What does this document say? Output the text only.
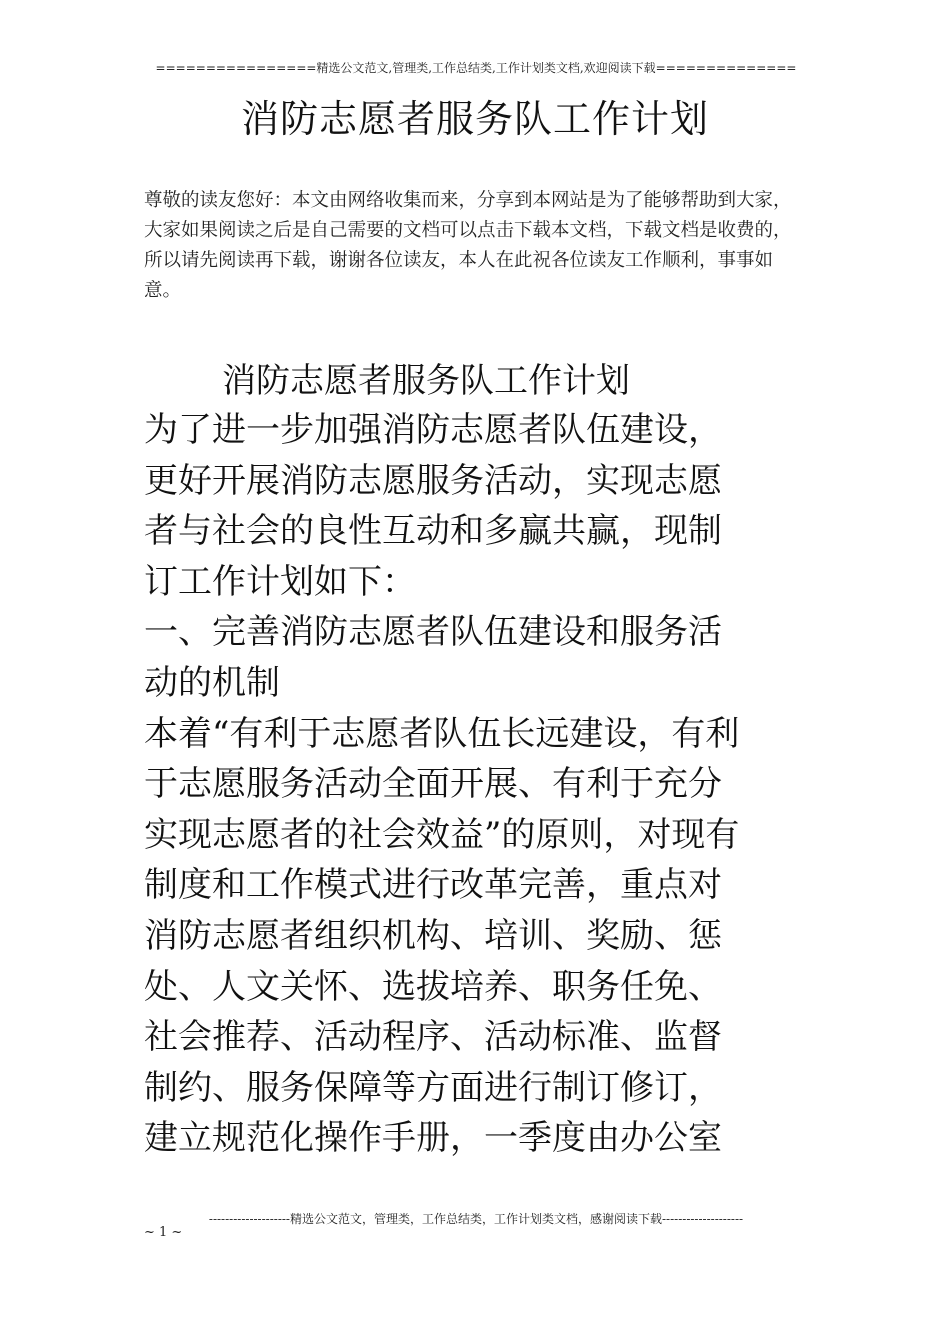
================精选公文范文,管理类,工作总结类,工作计划类文档,欢迎阅读下载==============
消防志愿者服务队工作计划

尊敬的读友您好：本文由网络收集而来，分享到本网站是为了能够帮助到大家，大家如果阅读之后是自己需要的文档可以点击下载本文档，下载文档是收费的，所以请先阅读再下载，谢谢各位读友，本人在此祝各位读友工作顺利，事事如意。

消防志愿者服务队工作计划
为了进一步加强消防志愿者队伍建设，
更好开展消防志愿服务活动，实现志愿
者与社会的良性互动和多赢共赢，现制
订工作计划如下：
一、完善消防志愿者队伍建设和服务活
动的机制
本着“有利于志愿者队伍长远建设，有利
于志愿服务活动全面开展、有利于充分
实现志愿者的社会效益”的原则，对现有
制度和工作模式进行改革完善，重点对
消防志愿者组织机构、培训、奖励、惩
处、人文关怀、选拔培养、职务任免、
社会推荐、活动程序、活动标准、监督
制约、服务保障等方面进行制订修订，
建立规范化操作手册，一季度由办公室
--------------------精选公文范文，管理类，工作总结类，工作计划类文档，感谢阅读下载--------------------
~ 1 ~
